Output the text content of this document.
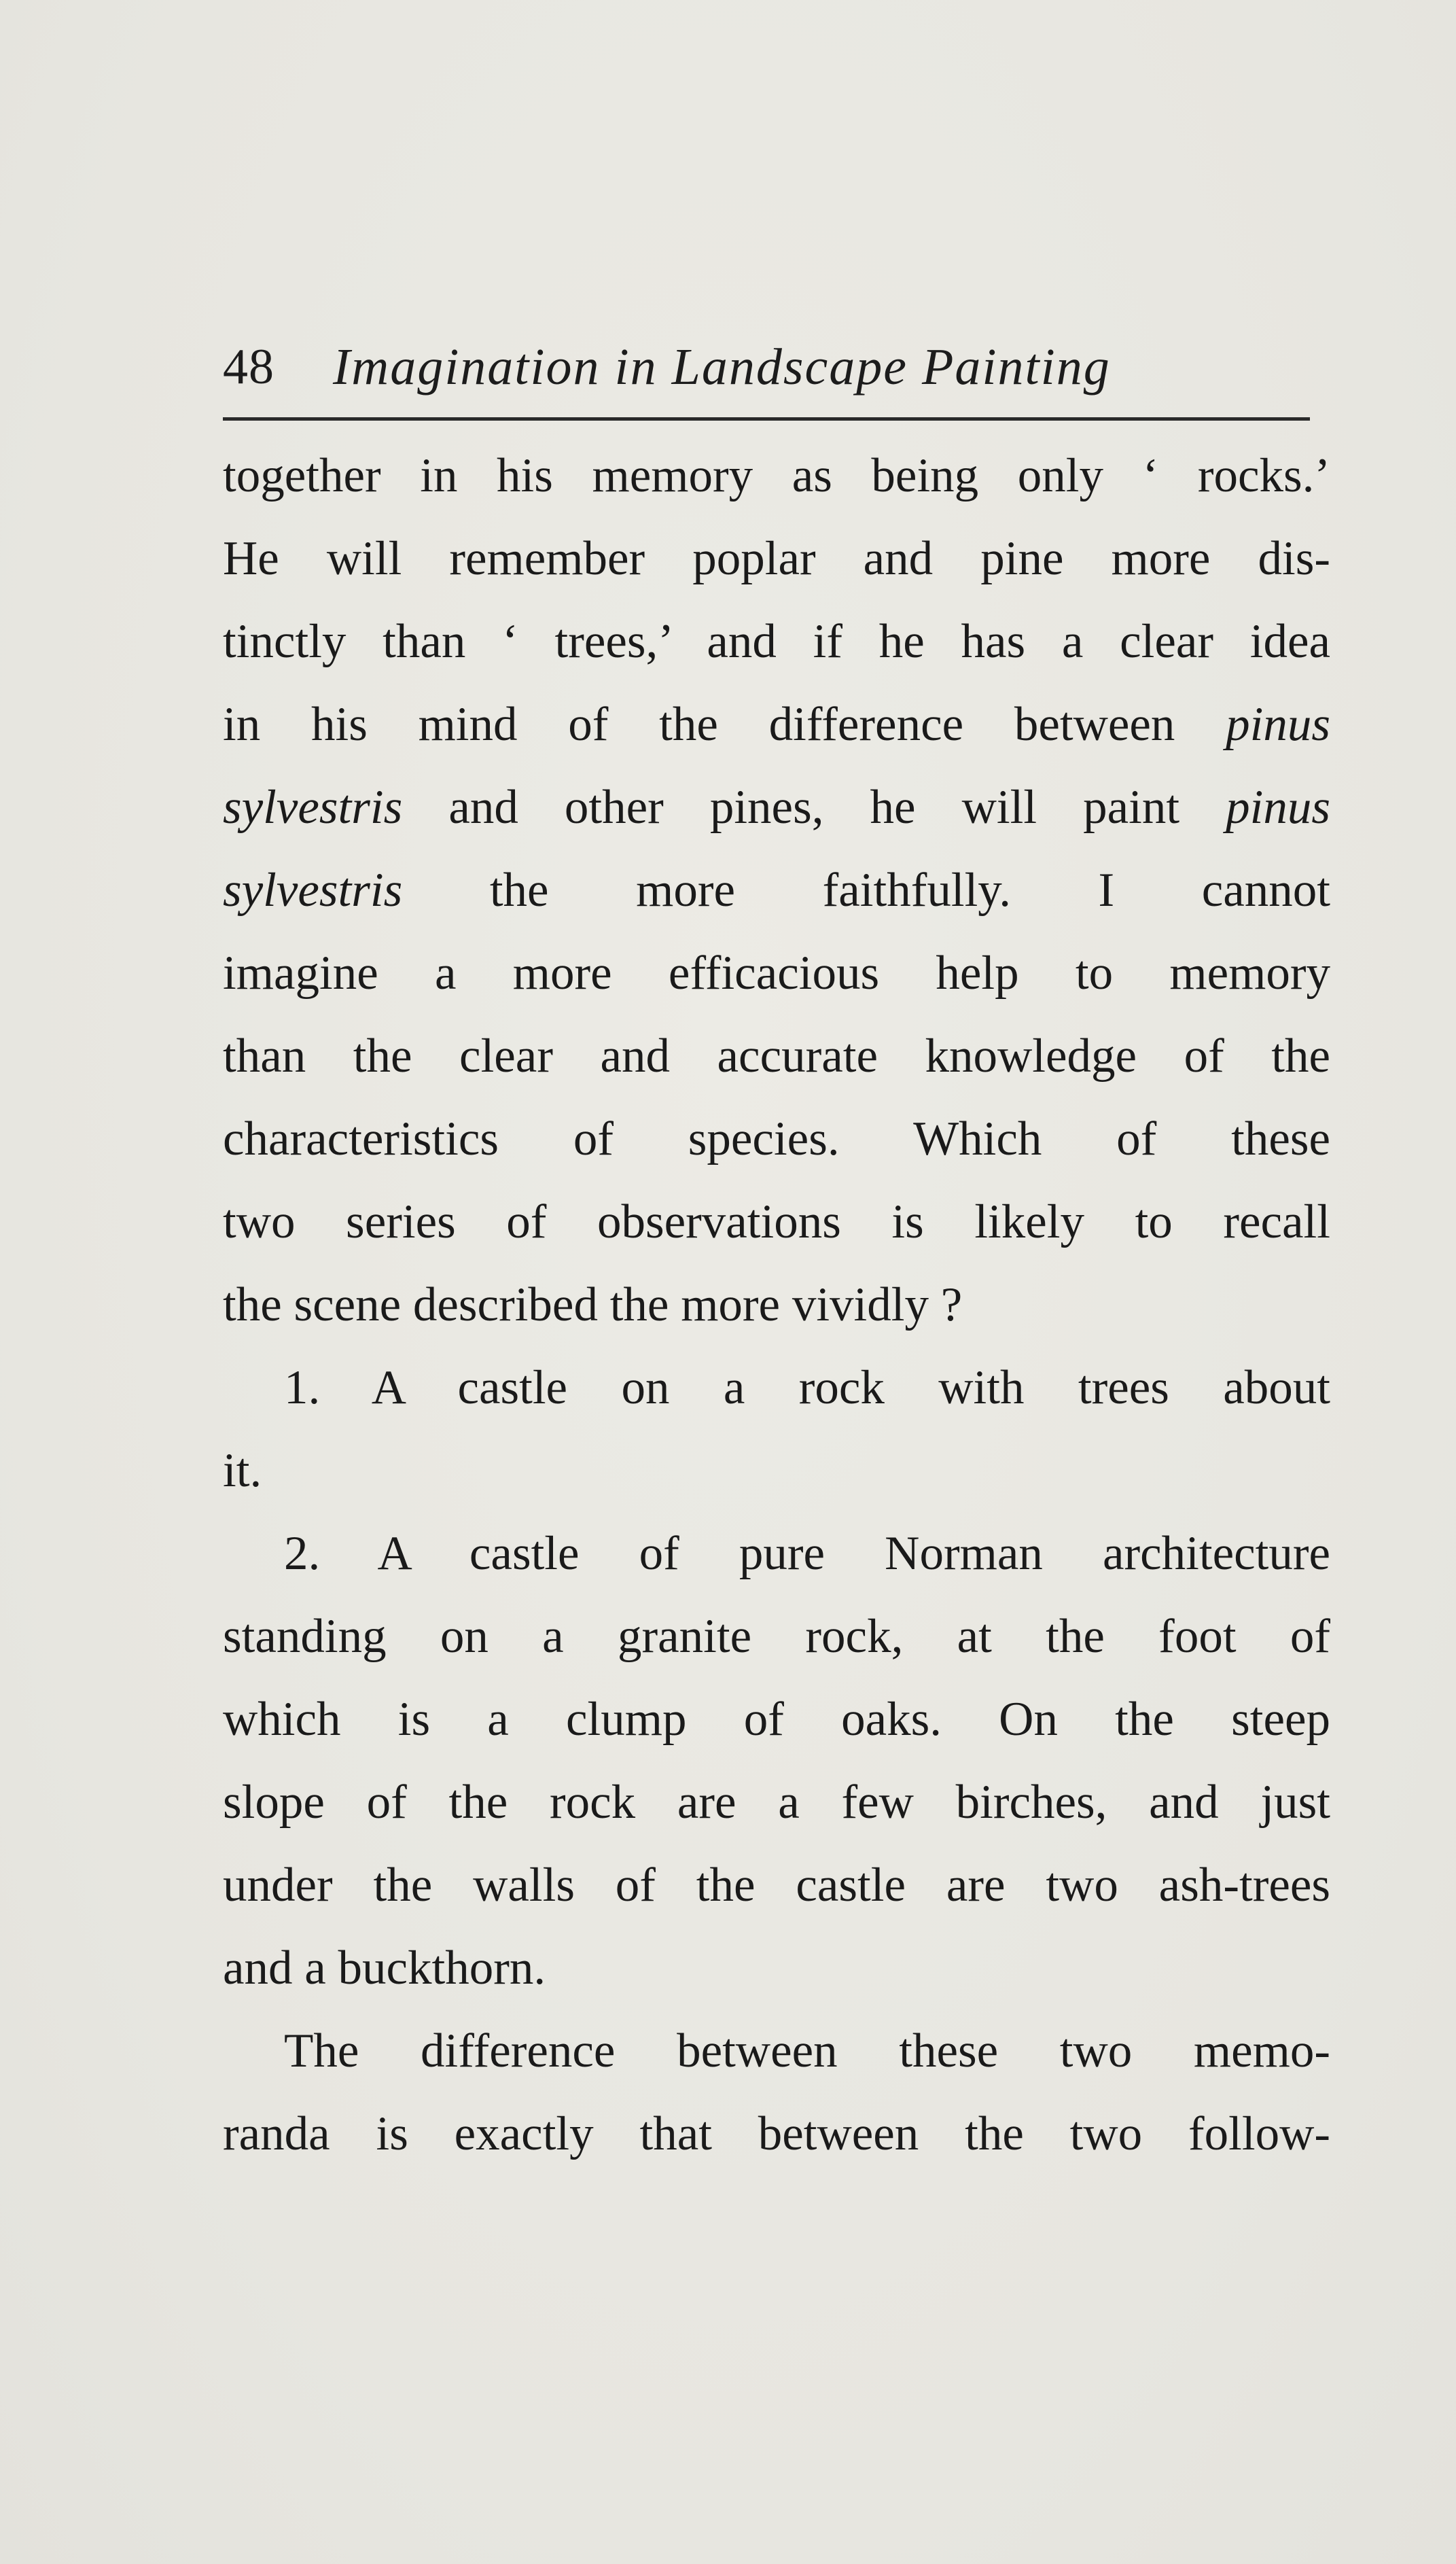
48 Imagination in Landscape Painting
together in his memory as being only ‘ rocks.’
He will remember poplar and pine more dis-
tinctly than ‘ trees,’ and if he has a clear idea
in his mind of the difference between pinus
sylvestris and other pines, he will paint pinus
sylvestris the more faithfully. I cannot
imagine a more efficacious help to memory
than the clear and accurate knowledge of the
characteristics of species. Which of these
two series of observations is likely to recall
the scene described the more vividly ?
1. A castle on a rock with trees about
it.
2. A castle of pure Norman architecture
standing on a granite rock, at the foot of
which is a clump of oaks. On the steep
slope of the rock are a few birches, and just
under the walls of the castle are two ash-trees
and a buckthorn.
The difference between these two memo-
randa is exactly that between the two follow-
